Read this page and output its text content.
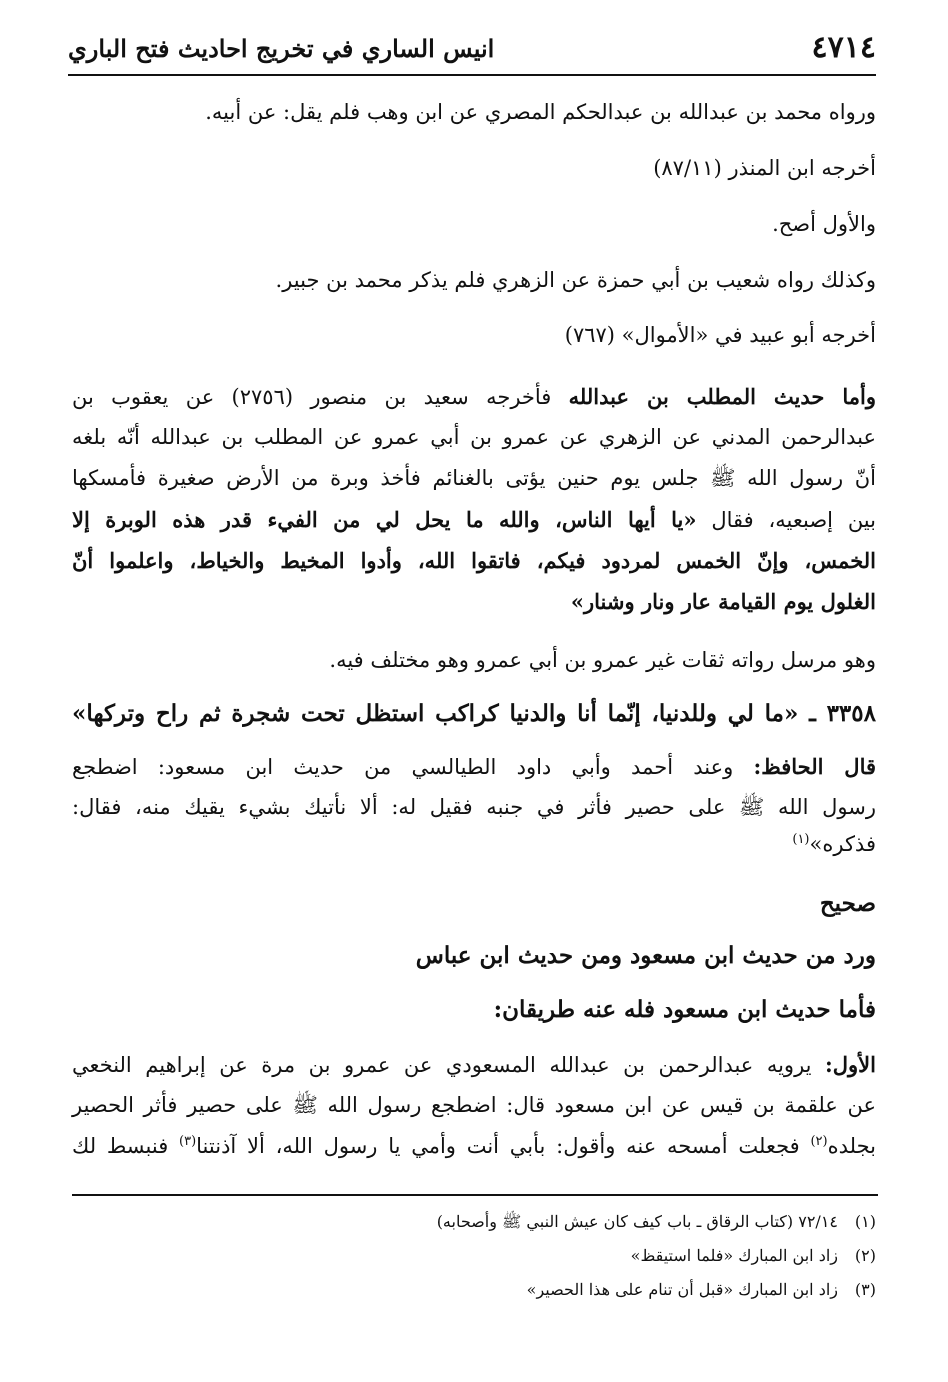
٤٧١٤
انيس الساري في تخريج احاديث فتح الباري
ورواه محمد بن عبدالله بن عبدالحكم المصري عن ابن وهب فلم يقل: عن أبيه.
أخرجه ابن المنذر (٨٧/١١)
والأول أصح.
وكذلك رواه شعيب بن أبي حمزة عن الزهري فلم يذكر محمد بن جبير.
أخرجه أبو عبيد في «الأموال» (٧٦٧)
وأما حديث المطلب بن عبدالله فأخرجه سعيد بن منصور (٢٧٥٦) عن يعقوب بن
عبدالرحمن المدني عن الزهري عن عمرو بن أبي عمرو عن المطلب بن عبدالله أنّه بلغه
أنّ رسول الله ﷺ جلس يوم حنين يؤتى بالغنائم فأخذ وبرة من الأرض صغيرة فأمسكها
بين إصبعيه، فقال «يا أيها الناس، والله ما يحل لي من الفيء قدر هذه الوبرة إلا
الخمس، وإنّ الخمس لمردود فيكم، فاتقوا الله، وأدوا المخيط والخياط، واعلموا أنّ
الغلول يوم القيامة عار ونار وشنار»
وهو مرسل رواته ثقات غير عمرو بن أبي عمرو وهو مختلف فيه.
٣٣٥٨ ـ «ما لي وللدنيا، إنّما أنا والدنيا كراكب استظل تحت شجرة ثم راح وتركها»
قال الحافظ: وعند أحمد وأبي داود الطيالسي من حديث ابن مسعود: اضطجع
رسول الله ﷺ على حصير فأثر في جنبه فقيل له: ألا نأتيك بشيء يقيك منه، فقال:
فذكره»$^{(١)}$
صحيح
ورد من حديث ابن مسعود ومن حديث ابن عباس
فأما حديث ابن مسعود فله عنه طريقان:
الأول: يرويه عبدالرحمن بن عبدالله المسعودي عن عمرو بن مرة عن إبراهيم النخعي
عن علقمة بن قيس عن ابن مسعود قال: اضطجع رسول الله ﷺ على حصير فأثر الحصير
بجلده$^{(٢)}$ فجعلت أمسحه عنه وأقول: بأبي أنت وأمي يا رسول الله، ألا آذنتنا$^{(٣)}$ فنبسط لك
(١)٧٢/١٤ (كتاب الرقاق ـ باب كيف كان عيش النبي ﷺ وأصحابه)
(٢)زاد ابن المبارك «فلما استيقظ»
(٣)زاد ابن المبارك «قبل أن تنام على هذا الحصير»
